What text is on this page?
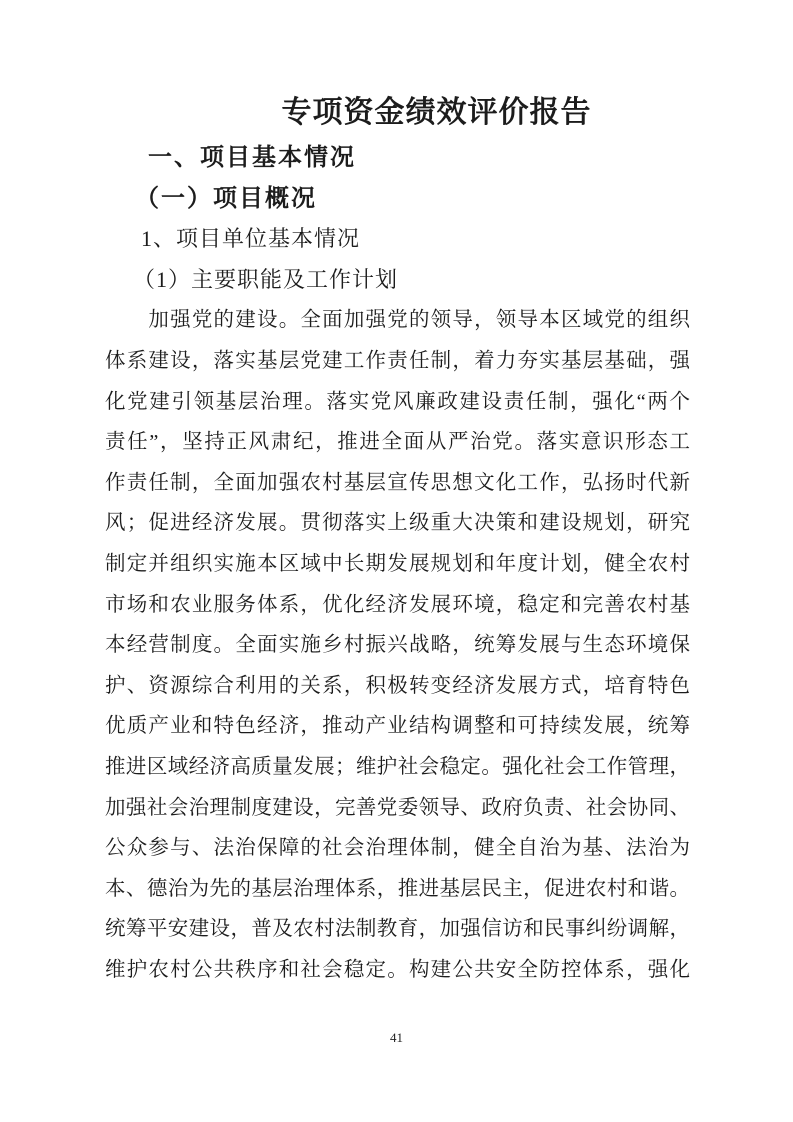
专项资金绩效评价报告
一、项目基本情况
（一）项目概况
1、项目单位基本情况
（1）主要职能及工作计划
　　加强党的建设。全面加强党的领导，领导本区域党的组织
体系建设，落实基层党建工作责任制，着力夯实基层基础，强
化党建引领基层治理。落实党风廉政建设责任制，强化“两个
责任”，坚持正风肃纪，推进全面从严治党。落实意识形态工
作责任制，全面加强农村基层宣传思想文化工作，弘扬时代新
风；促进经济发展。贯彻落实上级重大决策和建设规划，研究
制定并组织实施本区域中长期发展规划和年度计划，健全农村
市场和农业服务体系，优化经济发展环境，稳定和完善农村基
本经营制度。全面实施乡村振兴战略，统筹发展与生态环境保
护、资源综合利用的关系，积极转变经济发展方式，培育特色
优质产业和特色经济，推动产业结构调整和可持续发展，统筹
推进区域经济高质量发展；维护社会稳定。强化社会工作管理，
加强社会治理制度建设，完善党委领导、政府负责、社会协同、
公众参与、法治保障的社会治理体制，健全自治为基、法治为
本、德治为先的基层治理体系，推进基层民主，促进农村和谐。
统筹平安建设，普及农村法制教育，加强信访和民事纠纷调解，
维护农村公共秩序和社会稳定。构建公共安全防控体系，强化
41
